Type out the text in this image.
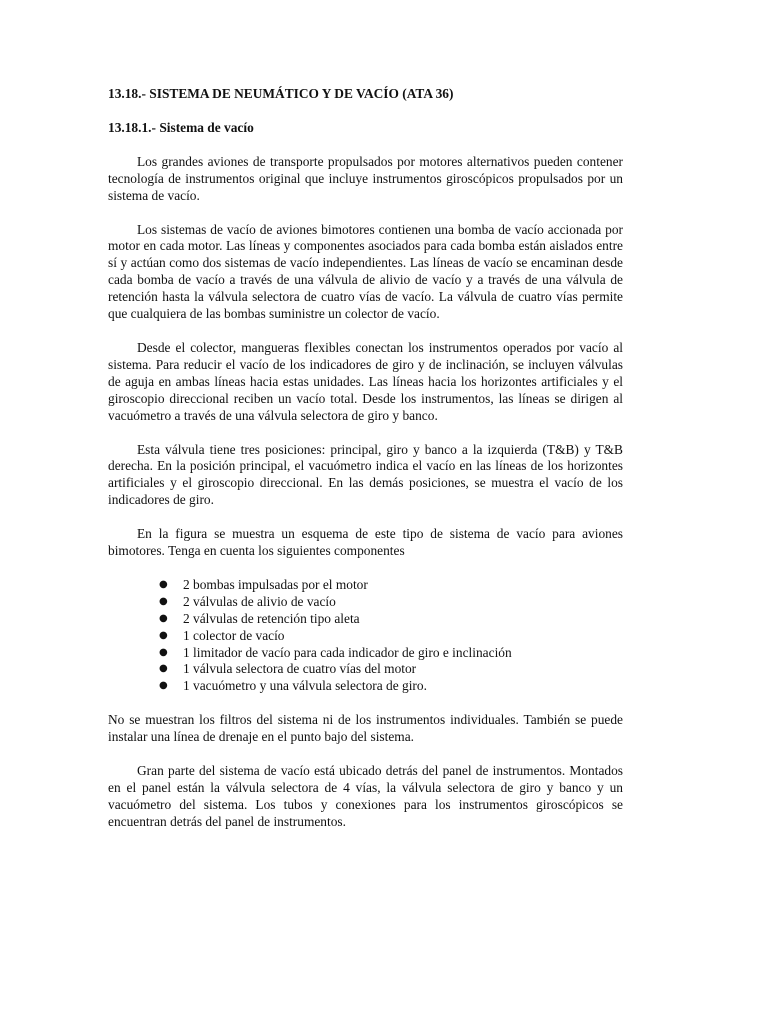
13.18.- SISTEMA DE NEUMÁTICO Y DE VACÍO (ATA 36)
13.18.1.- Sistema de vacío

Los grandes aviones de transporte propulsados por motores alternativos pueden contener tecnología de instrumentos original que incluye instrumentos giroscópicos propulsados por un sistema de vacío.

Los sistemas de vacío de aviones bimotores contienen una bomba de vacío accionada por motor en cada motor. Las líneas y componentes asociados para cada bomba están aislados entre sí y actúan como dos sistemas de vacío independientes. Las líneas de vacío se encaminan desde cada bomba de vacío a través de una válvula de alivio de vacío y a través de una válvula de retención hasta la válvula selectora de cuatro vías de vacío. La válvula de cuatro vías permite que cualquiera de las bombas suministre un colector de vacío.

Desde el colector, mangueras flexibles conectan los instrumentos operados por vacío al sistema. Para reducir el vacío de los indicadores de giro y de inclinación, se incluyen válvulas de aguja en ambas líneas hacia estas unidades. Las líneas hacia los horizontes artificiales y el giroscopio direccional reciben un vacío total. Desde los instrumentos, las líneas se dirigen al vacuómetro a través de una válvula selectora de giro y banco.

Esta válvula tiene tres posiciones: principal, giro y banco a la izquierda (T&B) y T&B derecha. En la posición principal, el vacuómetro indica el vacío en las líneas de los horizontes artificiales y el giroscopio direccional. En las demás posiciones, se muestra el vacío de los indicadores de giro.

En la figura se muestra un esquema de este tipo de sistema de vacío para aviones bimotores. Tenga en cuenta los siguientes componentes

● 2 bombas impulsadas por el motor
● 2 válvulas de alivio de vacío
● 2 válvulas de retención tipo aleta
● 1 colector de vacío
● 1 limitador de vacío para cada indicador de giro e inclinación
● 1 válvula selectora de cuatro vías del motor
● 1 vacuómetro y una válvula selectora de giro.

No se muestran los filtros del sistema ni de los instrumentos individuales. También se puede instalar una línea de drenaje en el punto bajo del sistema.

Gran parte del sistema de vacío está ubicado detrás del panel de instrumentos. Montados en el panel están la válvula selectora de 4 vías, la válvula selectora de giro y banco y un vacuómetro del sistema. Los tubos y conexiones para los instrumentos giroscópicos se encuentran detrás del panel de instrumentos.
